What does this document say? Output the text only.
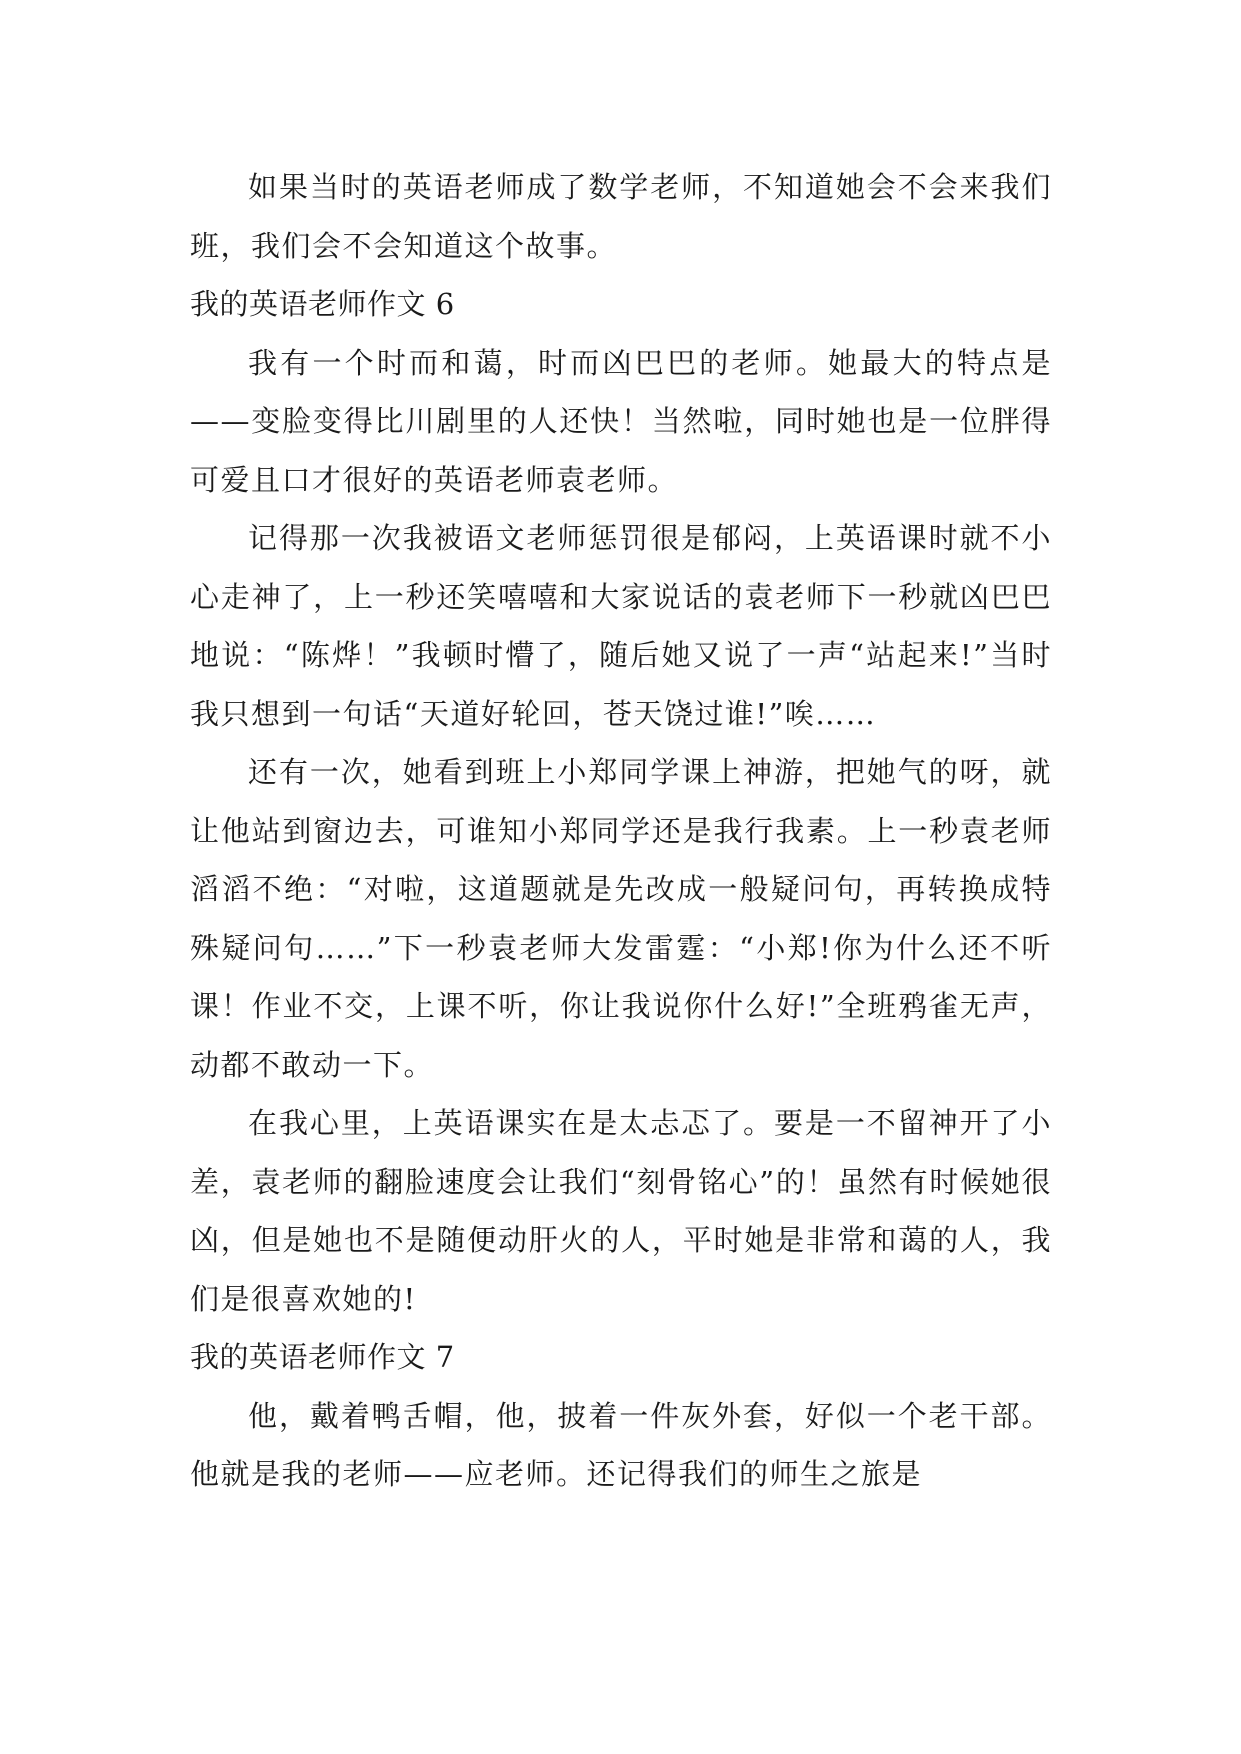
如果当时的英语老师成了数学老师，不知道她会不会来我们班，我们会不会知道这个故事。

我的英语老师作文 6

我有一个时而和蔼，时而凶巴巴的老师。她最大的特点是——变脸变得比川剧里的人还快！当然啦，同时她也是一位胖得可爱且口才很好的英语老师袁老师。

记得那一次我被语文老师惩罚很是郁闷，上英语课时就不小心走神了，上一秒还笑嘻嘻和大家说话的袁老师下一秒就凶巴巴地说：“陈烨！”我顿时懵了，随后她又说了一声“站起来!”当时我只想到一句话“天道好轮回，苍天饶过谁!”唉……

还有一次，她看到班上小郑同学课上神游，把她气的呀，就让他站到窗边去，可谁知小郑同学还是我行我素。上一秒袁老师滔滔不绝：“对啦，这道题就是先改成一般疑问句，再转换成特殊疑问句……”下一秒袁老师大发雷霆：“小郑!你为什么还不听课！作业不交，上课不听，你让我说你什么好!”全班鸦雀无声，动都不敢动一下。

在我心里，上英语课实在是太忐忑了。要是一不留神开了小差，袁老师的翻脸速度会让我们“刻骨铭心”的！虽然有时候她很凶，但是她也不是随便动肝火的人，平时她是非常和蔼的人，我们是很喜欢她的!

我的英语老师作文 7

他，戴着鸭舌帽，他，披着一件灰外套，好似一个老干部。他就是我的老师——应老师。还记得我们的师生之旅是
